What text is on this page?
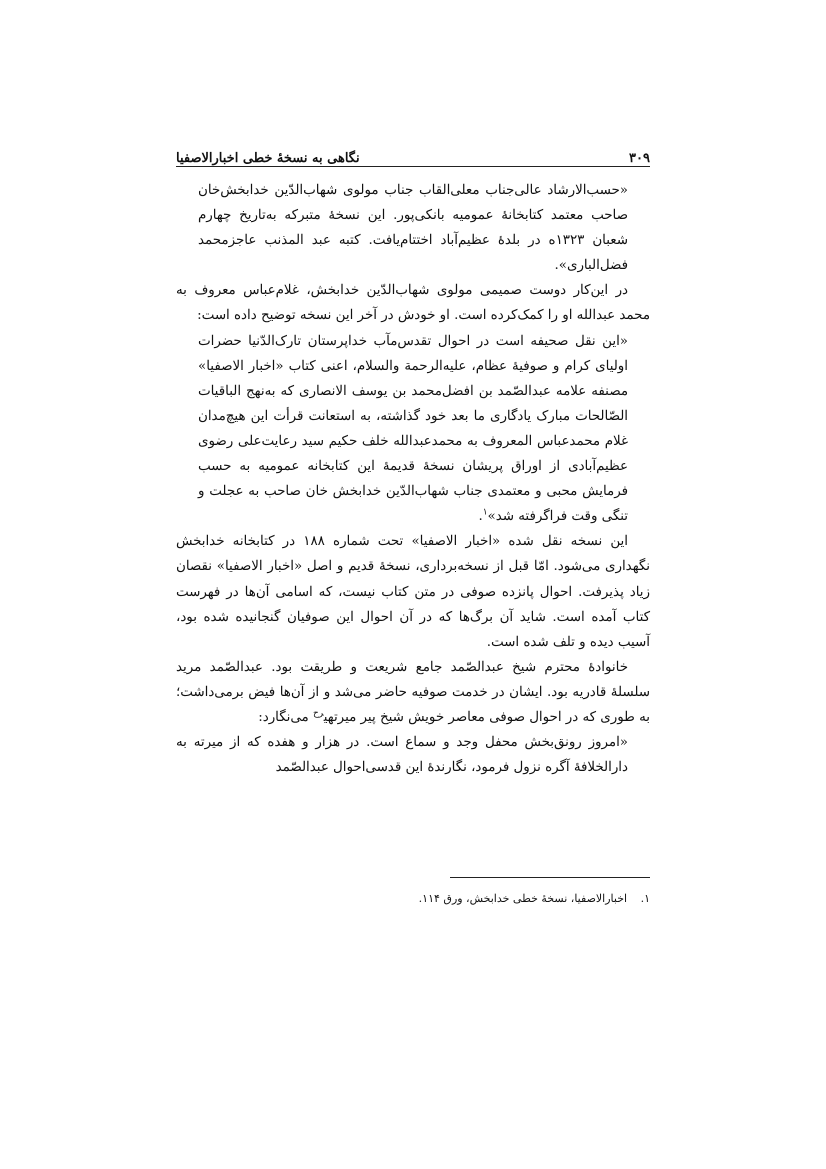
۳۰۹
نگاهی به نسخهٔ خطی اخبارالاصفیا

«حسب‌الارشاد عالی‌جناب معلی‌القاب جناب مولوی شهاب‌الدّین خدابخش‌خان صاحب معتمد کتابخانهٔ عمومیه بانکی‌پور. این نسخهٔ متبرکه به‌تاریخ چهارم شعبان ۱۳۲۳ه در بلدهٔ عظیم‌آباد اختتام‌یافت. کتبه عبد المذنب عاجزمحمد فضل‌الباری».

در این‌کار دوست صمیمی مولوی شهاب‌الدّین خدابخش، غلام‌عباس معروف به محمد عبدالله او را کمک‌کرده است. او خودش در آخر این نسخه توضیح داده است:

«این نقل صحیفه است در احوال تقدس‌مآب خداپرستان تارک‌الدّنیا حضرات اولیای کرام و صوفیهٔ عظام، علیه‌الرحمة والسلام، اعنی کتاب «اخبار الاصفیا» مصنفه علامه عبدالصّمد بن افضل‌محمد بن یوسف الانصاری که به‌نهج الباقیات الصّالحات مبارک یادگاری ما بعد خود گذاشته، به استعانت قرأت این هیچ‌مدان غلام محمدعباس المعروف به محمدعبدالله خلف حکیم سید رعایت‌علی رضوی عظیم‌آبادی از اوراق پریشان نسخهٔ قدیمهٔ این کتابخانه عمومیه به حسب فرمایش محبی و معتمدی جناب شهاب‌الدّین خدابخش خان صاحب به عجلت و تنگی وقت فراگرفته شد»$^۱$.

این نسخه نقل شده «اخبار الاصفیا» تحت شماره ۱۸۸ در کتابخانه خدابخش نگهداری می‌شود. امّا قبل از نسخه‌برداری، نسخهٔ قدیم و اصل «اخبار الاصفیا» نقصان زیاد پذیرفت. احوال پانزده صوفی در متن کتاب نیست، که اسامی آن‌ها در فهرست کتاب آمده است. شاید آن برگ‌ها که در آن احوال این صوفیان گنجانیده شده بود، آسیب دیده و تلف شده است.

خانوادهٔ محترم شیخ عبدالصّمد جامع شریعت و طریقت بود. عبدالصّمد مرید سلسلهٔ قادریه بود. ایشان در خدمت صوفیه حاضر می‌شد و از آن‌ها فیض برمی‌داشت؛ به طوری که در احوال صوفی معاصر خویش شیخ پیر میرتهی$^{رح}$ می‌نگارد:

«امروز رونق‌بخش محفل وجد و سماع است. در هزار و هفده که از میرته به دارالخلافهٔ آگره نزول فرمود، نگارندهٔ این قدسی‌احوال عبدالصّمد

۱. اخبارالاصفیا، نسخهٔ خطی خدابخش، ورق ۱۱۴.
